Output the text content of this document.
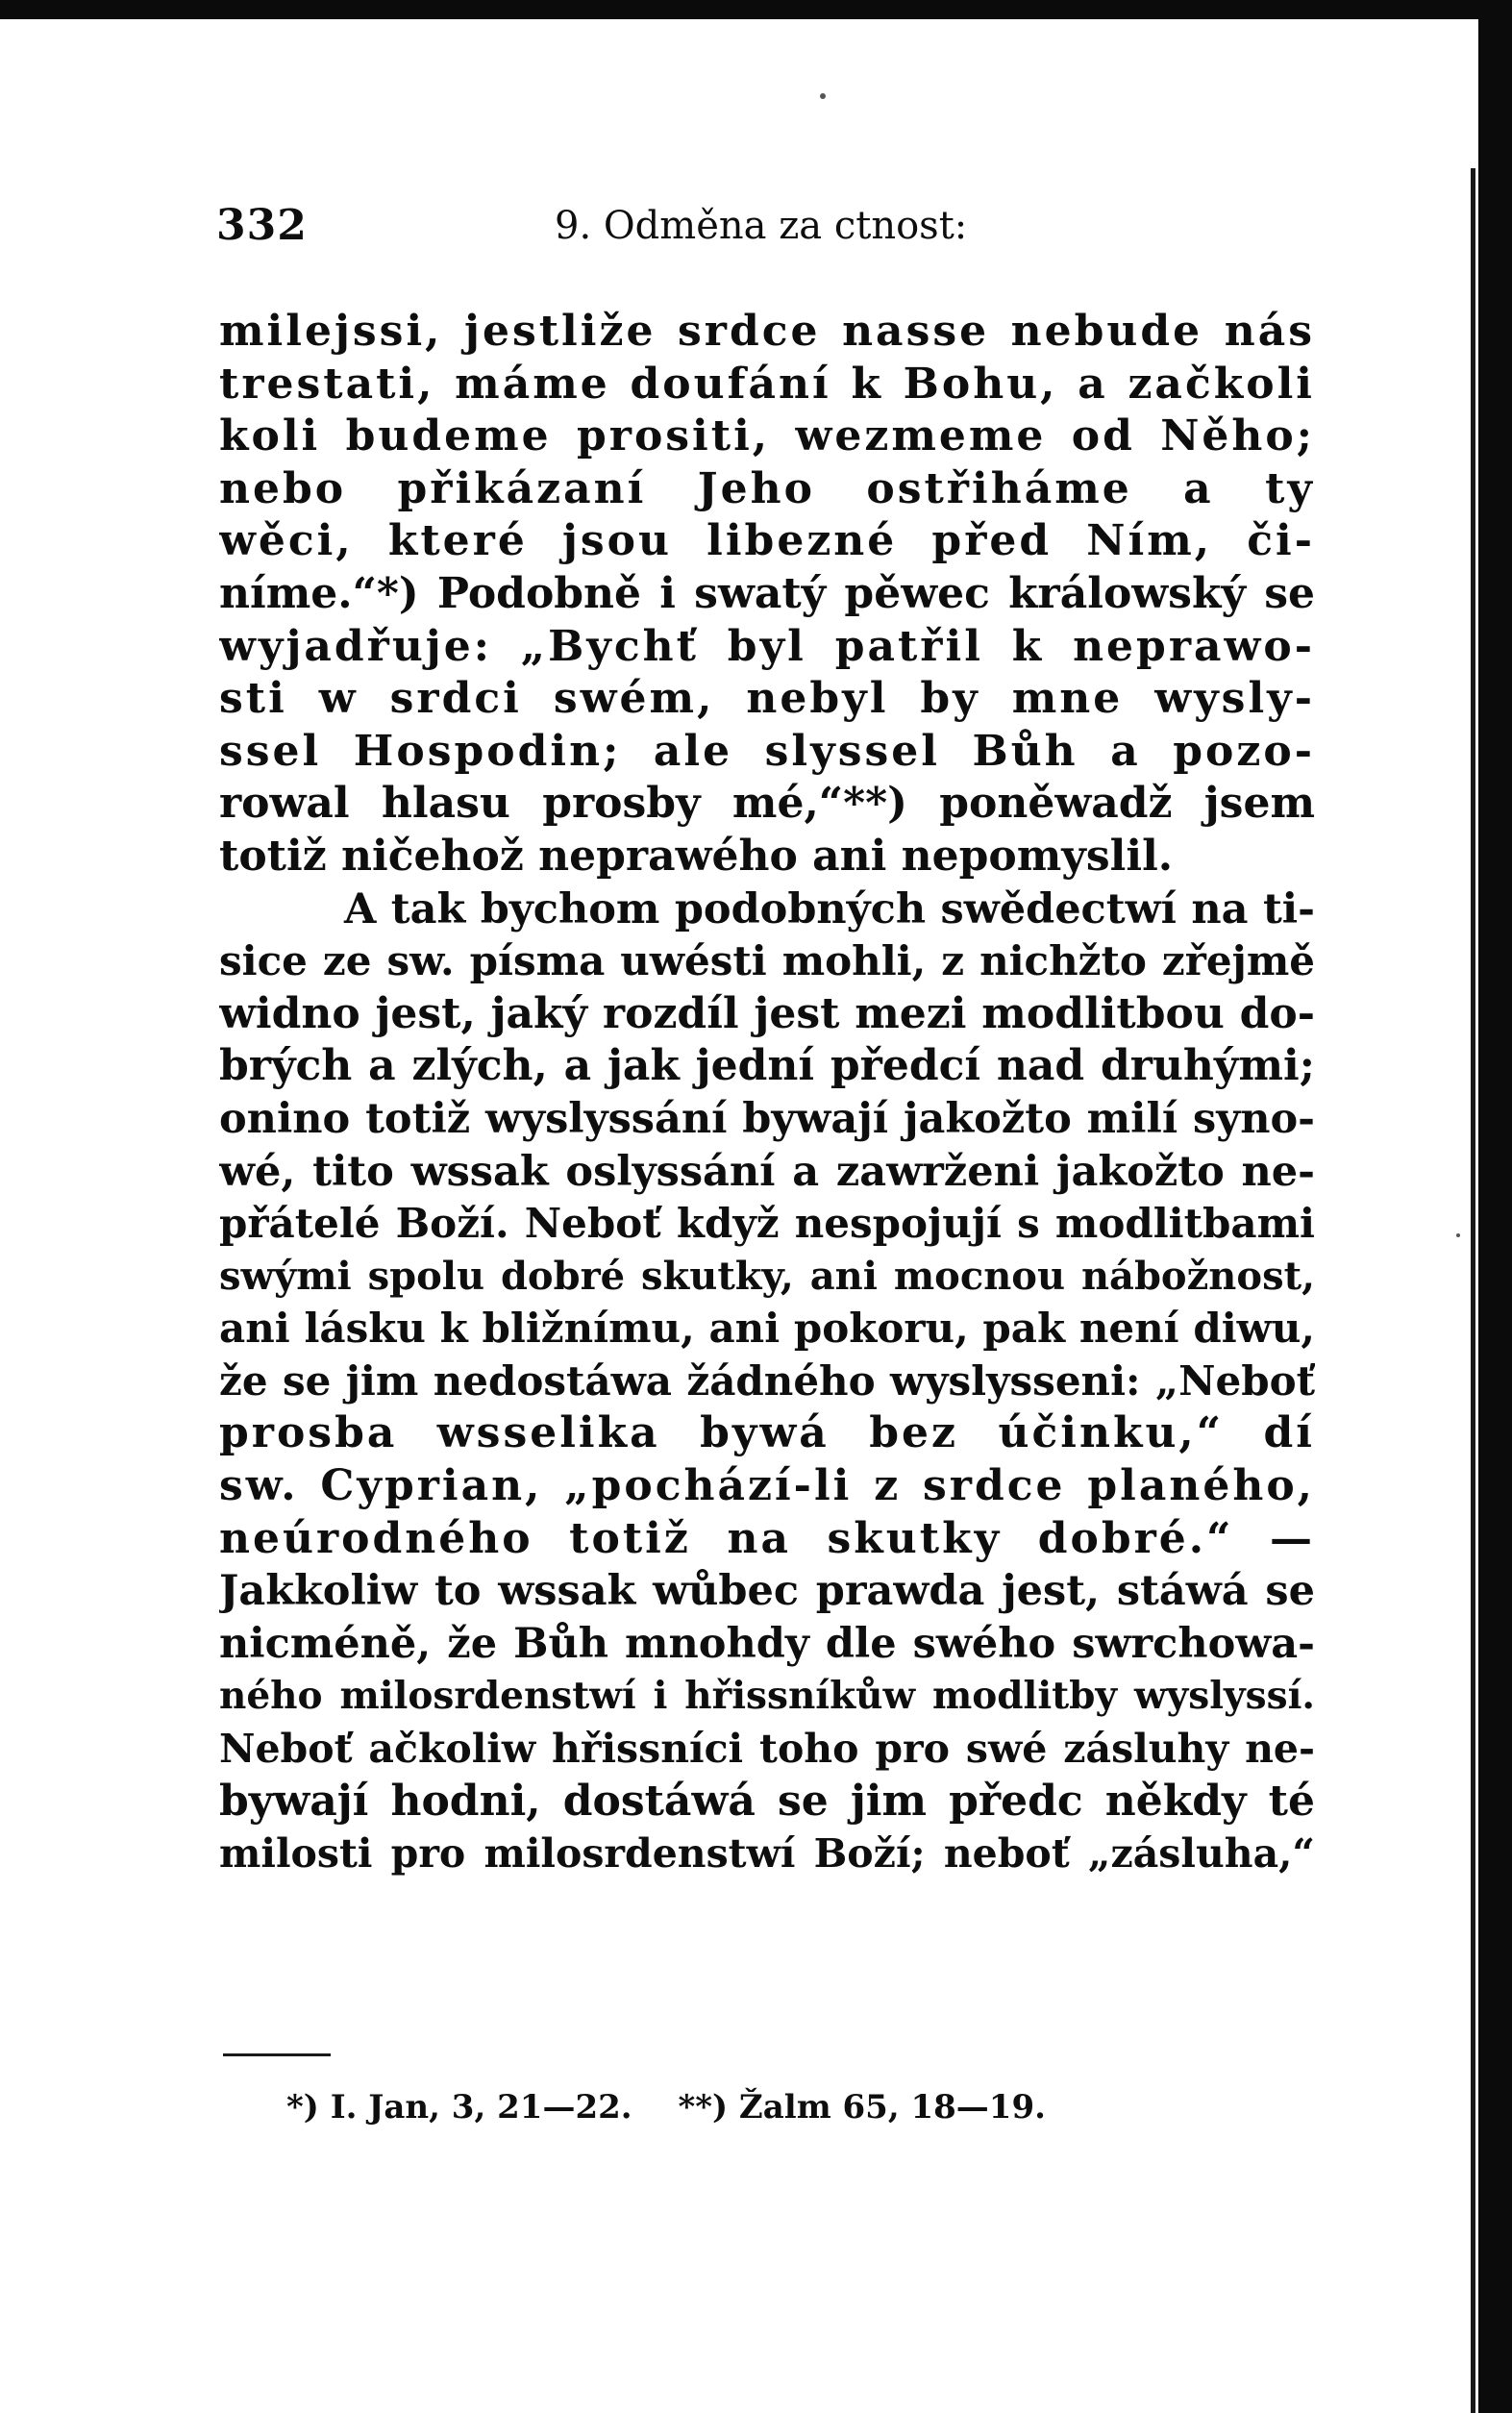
332	9. Odměna za ctnost:
milejssi, jestliže srdce nasse nebude nás
trestati, máme doufání k Bohu, a začkoli
koli budeme prositi, wezmeme od Něho;
nebo přikázaní Jeho ostřiháme a ty
wěci, které jsou libezné před Ním, či-
níme.“*) Podobně i swatý pěwec králowský se
wyjadřuje: „Bychť byl patřil k neprawo-
sti w srdci swém, nebyl by mne wysly-
ssel Hospodin; ale slyssel Bůh a pozo-
rowal hlasu prosby mé,“**) poněwadž jsem
totiž ničehož neprawého ani nepomyslil.
A tak bychom podobných swědectwí na ti-
sice ze sw. písma uwésti mohli, z nichžto zřejmě
widno jest, jaký rozdíl jest mezi modlitbou do-
brých a zlých, a jak jední předcí nad druhými;
onino totiž wyslyssání bywají jakožto milí syno-
wé, tito wssak oslyssání a zawrženi jakožto ne-
přátelé Boží. Neboť když nespojují s modlitbami
swými spolu dobré skutky, ani mocnou nábožnost,
ani lásku k bližnímu, ani pokoru, pak není diwu,
že se jim nedostáwa žádného wyslysseni: „Neboť
prosba wsselika bywá bez účinku,“ dí
sw. Cyprian, „pochází-li z srdce planého,
neúrodného totiž na skutky dobré.“ —
Jakkoliw to wssak wůbec prawda jest, stáwá se
nicméně, že Bůh mnohdy dle swého swrchowa-
ného milosrdenstwí i hřissníkůw modlitby wyslyssí.
Neboť ačkoliw hřissníci toho pro swé zásluhy ne-
bywají hodni, dostáwá se jim předc někdy té
milosti pro milosrdenstwí Boží; neboť „zásluha,“
*) I. Jan, 3, 21—22. **) Žalm 65, 18—19.
